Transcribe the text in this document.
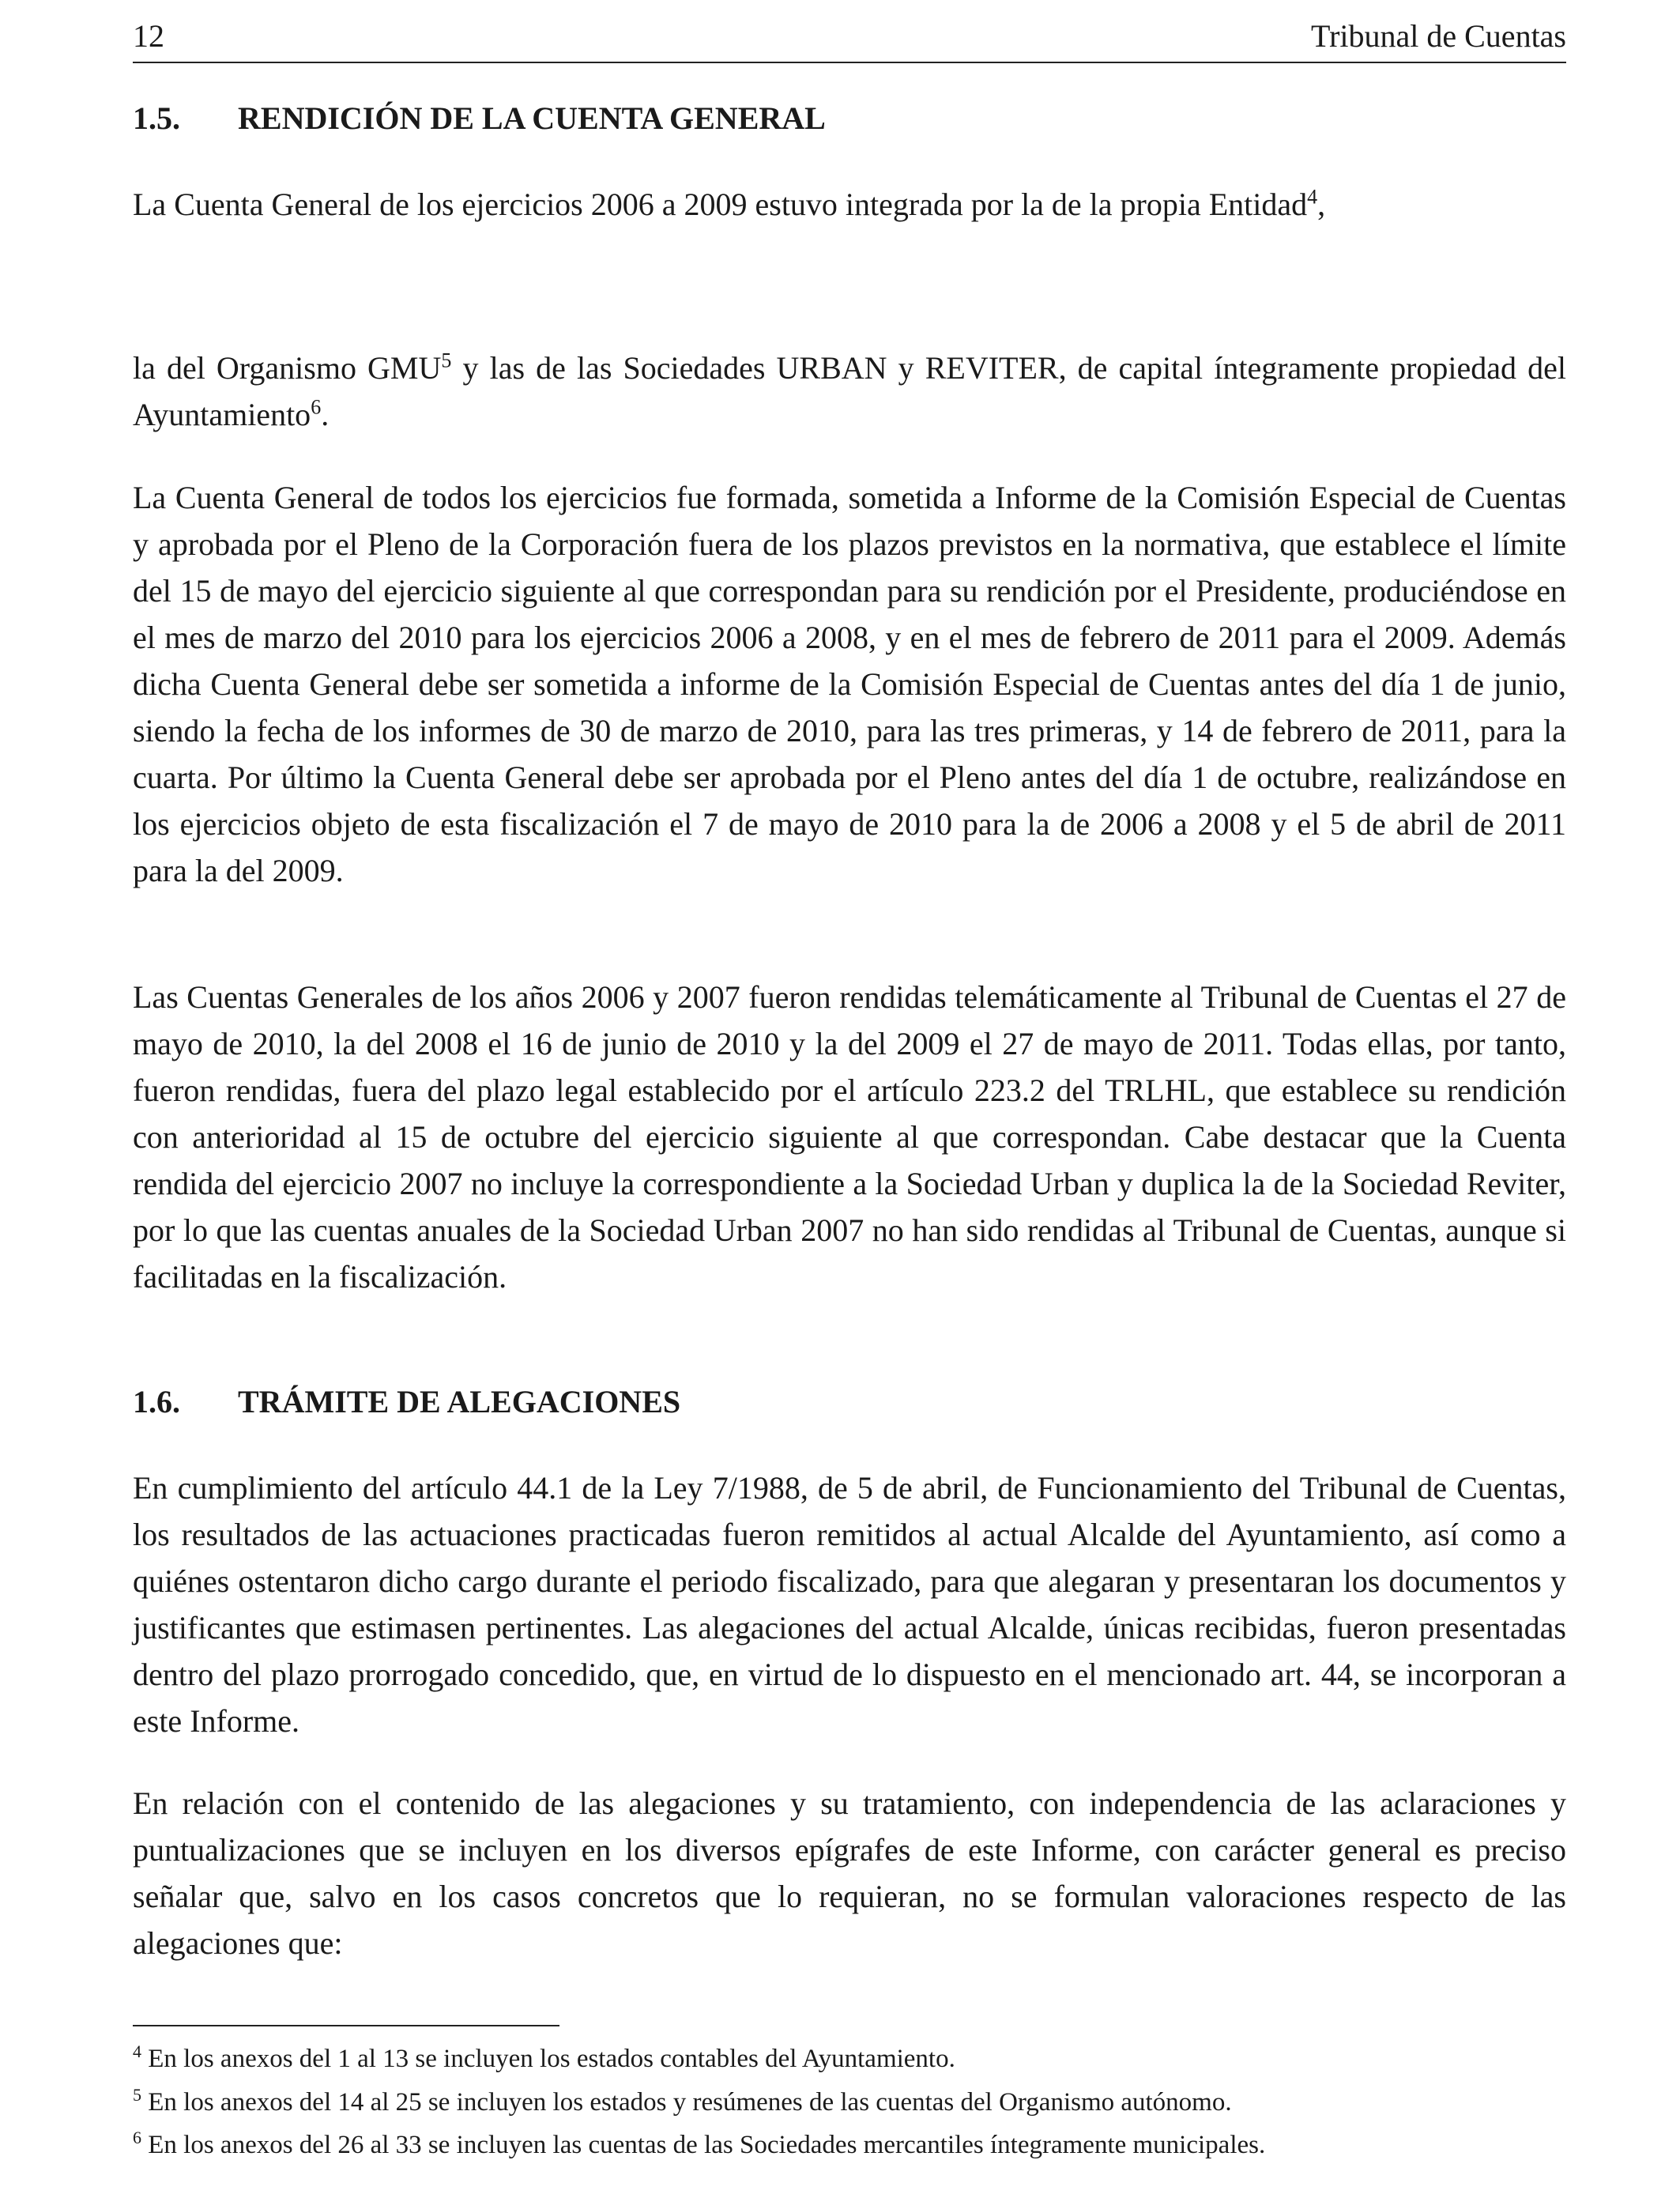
12	Tribunal de Cuentas
1.5. RENDICIÓN DE LA CUENTA GENERAL

La Cuenta General de los ejercicios 2006 a 2009 estuvo integrada por la de la propia Entidad$^4$,

la del Organismo GMU$^5$ y las de las Sociedades URBAN y REVITER, de capital íntegramente propiedad del Ayuntamiento$^6$.

La Cuenta General de todos los ejercicios fue formada, sometida a Informe de la Comisión Especial de Cuentas y aprobada por el Pleno de la Corporación fuera de los plazos previstos en la normativa, que establece el límite del 15 de mayo del ejercicio siguiente al que correspondan para su rendición por el Presidente, produciéndose en el mes de marzo del 2010 para los ejercicios 2006 a 2008, y en el mes de febrero de 2011 para el 2009. Además dicha Cuenta General debe ser sometida a informe de la Comisión Especial de Cuentas antes del día 1 de junio, siendo la fecha de los informes de 30 de marzo de 2010, para las tres primeras, y 14 de febrero de 2011, para la cuarta. Por último la Cuenta General debe ser aprobada por el Pleno antes del día 1 de octubre, realizándose en los ejercicios objeto de esta fiscalización el 7 de mayo de 2010 para la de 2006 a 2008 y el 5 de abril de 2011 para la del 2009.

Las Cuentas Generales de los años 2006 y 2007 fueron rendidas telemáticamente al Tribunal de Cuentas el 27 de mayo de 2010, la del 2008 el 16 de junio de 2010 y la del 2009 el 27 de mayo de 2011. Todas ellas, por tanto, fueron rendidas, fuera del plazo legal establecido por el artículo 223.2 del TRLHL, que establece su rendición con anterioridad al 15 de octubre del ejercicio siguiente al que correspondan. Cabe destacar que la Cuenta rendida del ejercicio 2007 no incluye la correspondiente a la Sociedad Urban y duplica la de la Sociedad Reviter, por lo que las cuentas anuales de la Sociedad Urban 2007 no han sido rendidas al Tribunal de Cuentas, aunque si facilitadas en la fiscalización.

1.6. TRÁMITE DE ALEGACIONES

En cumplimiento del artículo 44.1 de la Ley 7/1988, de 5 de abril, de Funcionamiento del Tribunal de Cuentas, los resultados de las actuaciones practicadas fueron remitidos al actual Alcalde del Ayuntamiento, así como a quiénes ostentaron dicho cargo durante el periodo fiscalizado, para que alegaran y presentaran los documentos y justificantes que estimasen pertinentes. Las alegaciones del actual Alcalde, únicas recibidas, fueron presentadas dentro del plazo prorrogado concedido, que, en virtud de lo dispuesto en el mencionado art. 44, se incorporan a este Informe.

En relación con el contenido de las alegaciones y su tratamiento, con independencia de las aclaraciones y puntualizaciones que se incluyen en los diversos epígrafes de este Informe, con carácter general es preciso señalar que, salvo en los casos concretos que lo requieran, no se formulan valoraciones respecto de las alegaciones que:

$^4$ En los anexos del 1 al 13 se incluyen los estados contables del Ayuntamiento.

$^5$ En los anexos del 14 al 25 se incluyen los estados y resúmenes de las cuentas del Organismo autónomo.

$^6$ En los anexos del 26 al 33 se incluyen las cuentas de las Sociedades mercantiles íntegramente municipales.
